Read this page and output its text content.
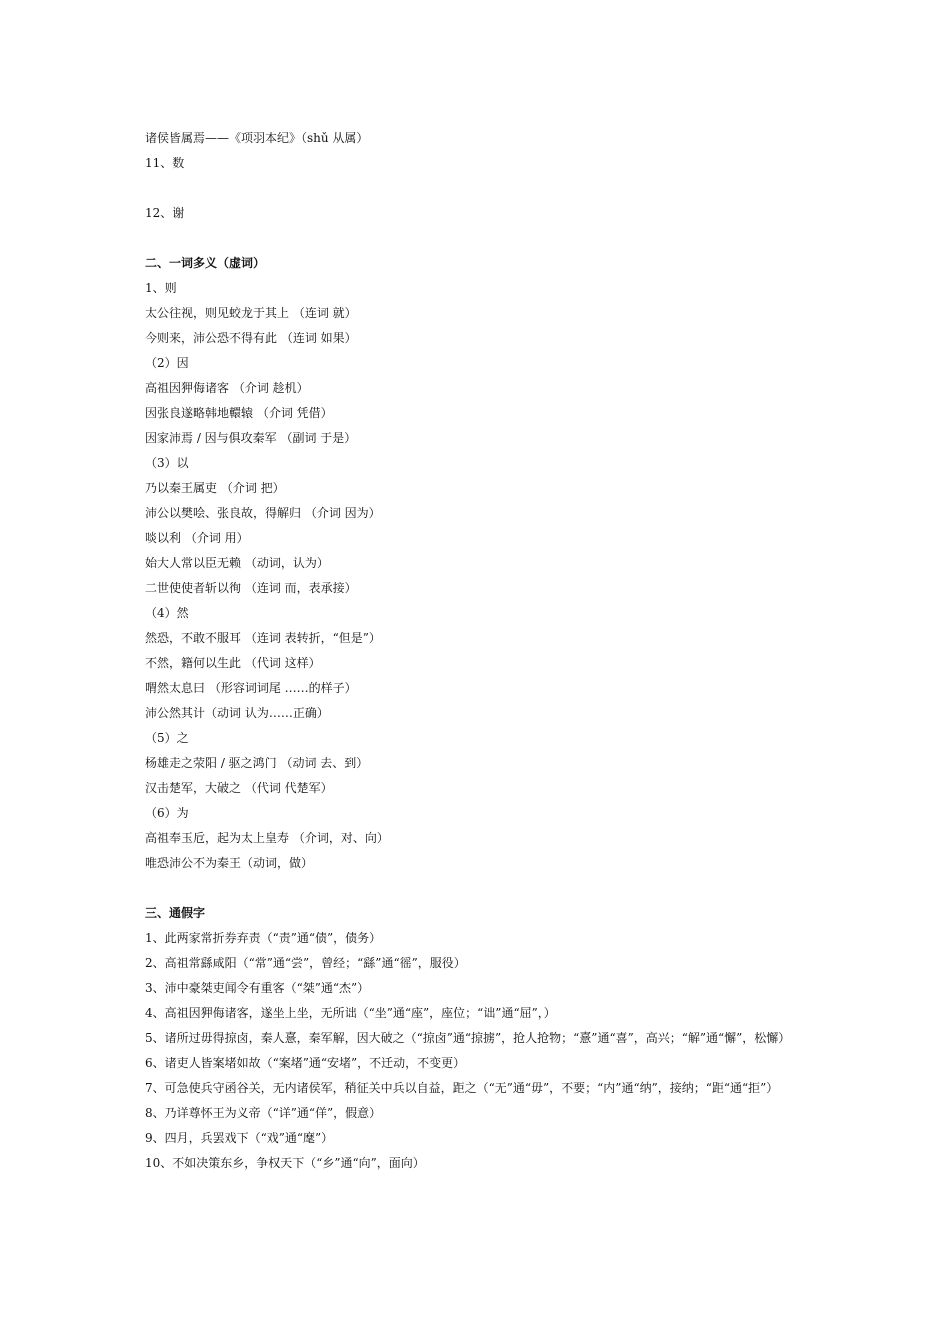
诸侯皆属焉——《项羽本纪》（shǔ 从属）
11、数
12、谢
二、一词多义（虚词）
1、则
太公往视，则见蛟龙于其上 （连词 就）
今则来，沛公恐不得有此 （连词 如果）
（2）因
高祖因狎侮诸客 （介词 趁机）
因张良遂略韩地轘辕 （介词 凭借）
因家沛焉 / 因与俱攻秦军 （副词 于是）
（3）以
乃以秦王属吏 （介词 把）
沛公以樊哙、张良故，得解归 （介词 因为）
啖以利 （介词 用）
始大人常以臣无赖 （动词，认为）
二世使使者斩以徇 （连词 而，表承接）
（4）然
然恐，不敢不服耳 （连词 表转折，“但是”）
不然，籍何以生此 （代词 这样）
喟然太息曰 （形容词词尾 ……的样子）
沛公然其计（动词 认为……正确）
（5）之
杨雄走之荥阳 / 驱之鸿门 （动词 去、到）
汉击楚军，大破之 （代词 代楚军）
（6）为
高祖奉玉卮，起为太上皇寿 （介词，对、向）
唯恐沛公不为秦王（动词，做）
三、通假字
1、此两家常折券弃责（“责”通“债”，债务）
2、高祖常繇咸阳（“常”通“尝”，曾经；“繇”通“徭”，服役）
3、沛中豪桀吏闻令有重客（“桀”通“杰”）
4、高祖因狎侮诸客，遂坐上坐，无所诎（“坐”通“座”，座位；“诎”通“屈”，）
5、诸所过毋得掠卤，秦人憙，秦军解，因大破之（“掠卤”通“掠掳”，抢人抢物；“憙”通“喜”，高兴；“解”通“懈”，松懈）
6、诸吏人皆案堵如故（“案堵”通“安堵”，不迁动，不变更）
7、可急使兵守函谷关，无内诸侯军，稍征关中兵以自益，距之（“无”通“毋”，不要；“内”通“纳”，接纳；“距“通“拒”）
8、乃详尊怀王为义帝（“详”通“佯”，假意）
9、四月，兵罢戏下（“戏”通“麾”）
10、不如决策东乡，争权天下（“乡”通“向”，面向）
